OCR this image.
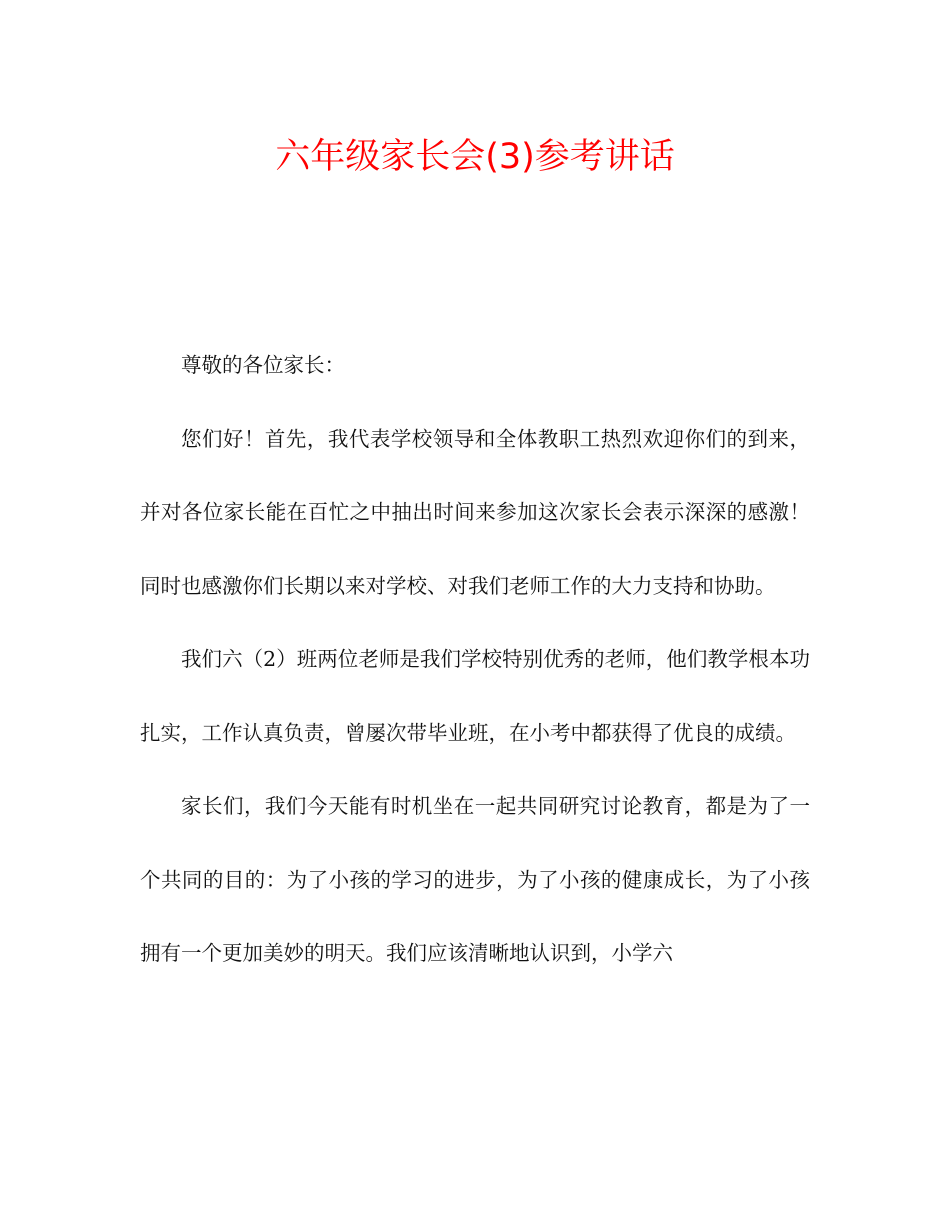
六年级家长会(3)参考讲话

尊敬的各位家长：

您们好！首先，我代表学校领导和全体教职工热烈欢迎你们的到来，并对各位家长能在百忙之中抽出时间来参加这次家长会表示深深的感激！同时也感激你们长期以来对学校、对我们老师工作的大力支持和协助。

我们六（2）班两位老师是我们学校特别优秀的老师，他们教学根本功扎实，工作认真负责，曾屡次带毕业班，在小考中都获得了优良的成绩。

家长们，我们今天能有时机坐在一起共同研究讨论教育，都是为了一个共同的目的：为了小孩的学习的进步，为了小孩的健康成长，为了小孩拥有一个更加美妙的明天。我们应该清晰地认识到，小学六
